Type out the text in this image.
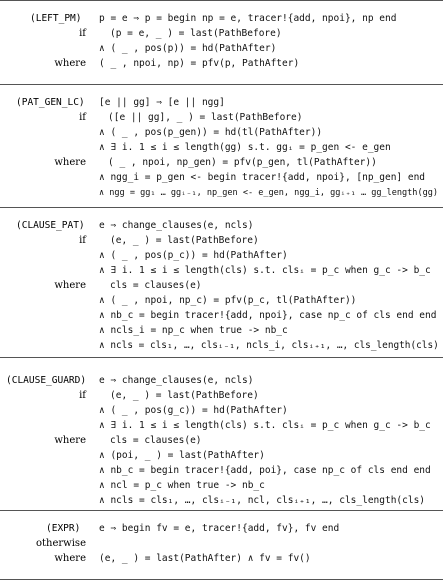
(LEFT_PM) p = e ⇒ p = begin np = e, tracer!{add, npoi}, np end
if	(p = e, _ ) = last(PathBefore)
∧ ( _ , pos(p)) = hd(PathAfter)
where ( _ , npoi, np) = pfv(p, PathAfter)
(PAT_GEN_LC) [e || gg] ⇒ [e || ngg]
if ([e || gg], _ ) = last(PathBefore)
∧ ( _ , pos(p_gen)) = hd(tl(PathAfter))
∧ ∃ i. 1 ≤ i ≤ length(gg) s.t. ggᵢ = p_gen <- e_gen
where ( _ , npoi, np_gen) = pfv(p_gen, tl(PathAfter))
∧ ngg_i = p_gen <- begin tracer!{add, npoi}, [np_gen] end
∧ ngg = gg₁ … ggᵢ₋₁, np_gen <- e_gen, ngg_i, ggᵢ₊₁ … gg_length(gg)
(CLAUSE_PAT) e ⇒ change_clauses(e, ncls)
if	(e, _ ) = last(PathBefore)
∧ ( _ , pos(p_c)) = hd(PathAfter)
∧ ∃ i. 1 ≤ i ≤ length(cls) s.t. clsᵢ = p_c when g_c -> b_c
where	cls = clauses(e)
∧ ( _ , npoi, np_c) = pfv(p_c, tl(PathAfter))
∧ nb_c = begin tracer!{add, npoi}, case np_c of cls end end
∧ ncls_i = np_c when true -> nb_c
∧ ncls = cls₁, …, clsᵢ₋₁, ncls_i, clsᵢ₊₁, …, cls_length(cls)
(CLAUSE_GUARD) e ⇒ change_clauses(e, ncls)
if	(e, _ ) = last(PathBefore)
∧ ( _ , pos(g_c)) = hd(PathAfter)
∧ ∃ i. 1 ≤ i ≤ length(cls) s.t. clsᵢ = p_c when g_c -> b_c
where	cls = clauses(e)
∧ (poi, _ ) = last(PathAfter)
∧ nb_c = begin tracer!{add, poi}, case np_c of cls end end
∧ ncl = p_c when true -> nb_c
∧ ncls = cls₁, …, clsᵢ₋₁, ncl, clsᵢ₊₁, …, cls_length(cls)
(EXPR) e ⇒ begin fv = e, tracer!{add, fv}, fv end
otherwise
where (e, _ ) = last(PathAfter) ∧ fv = fv()
